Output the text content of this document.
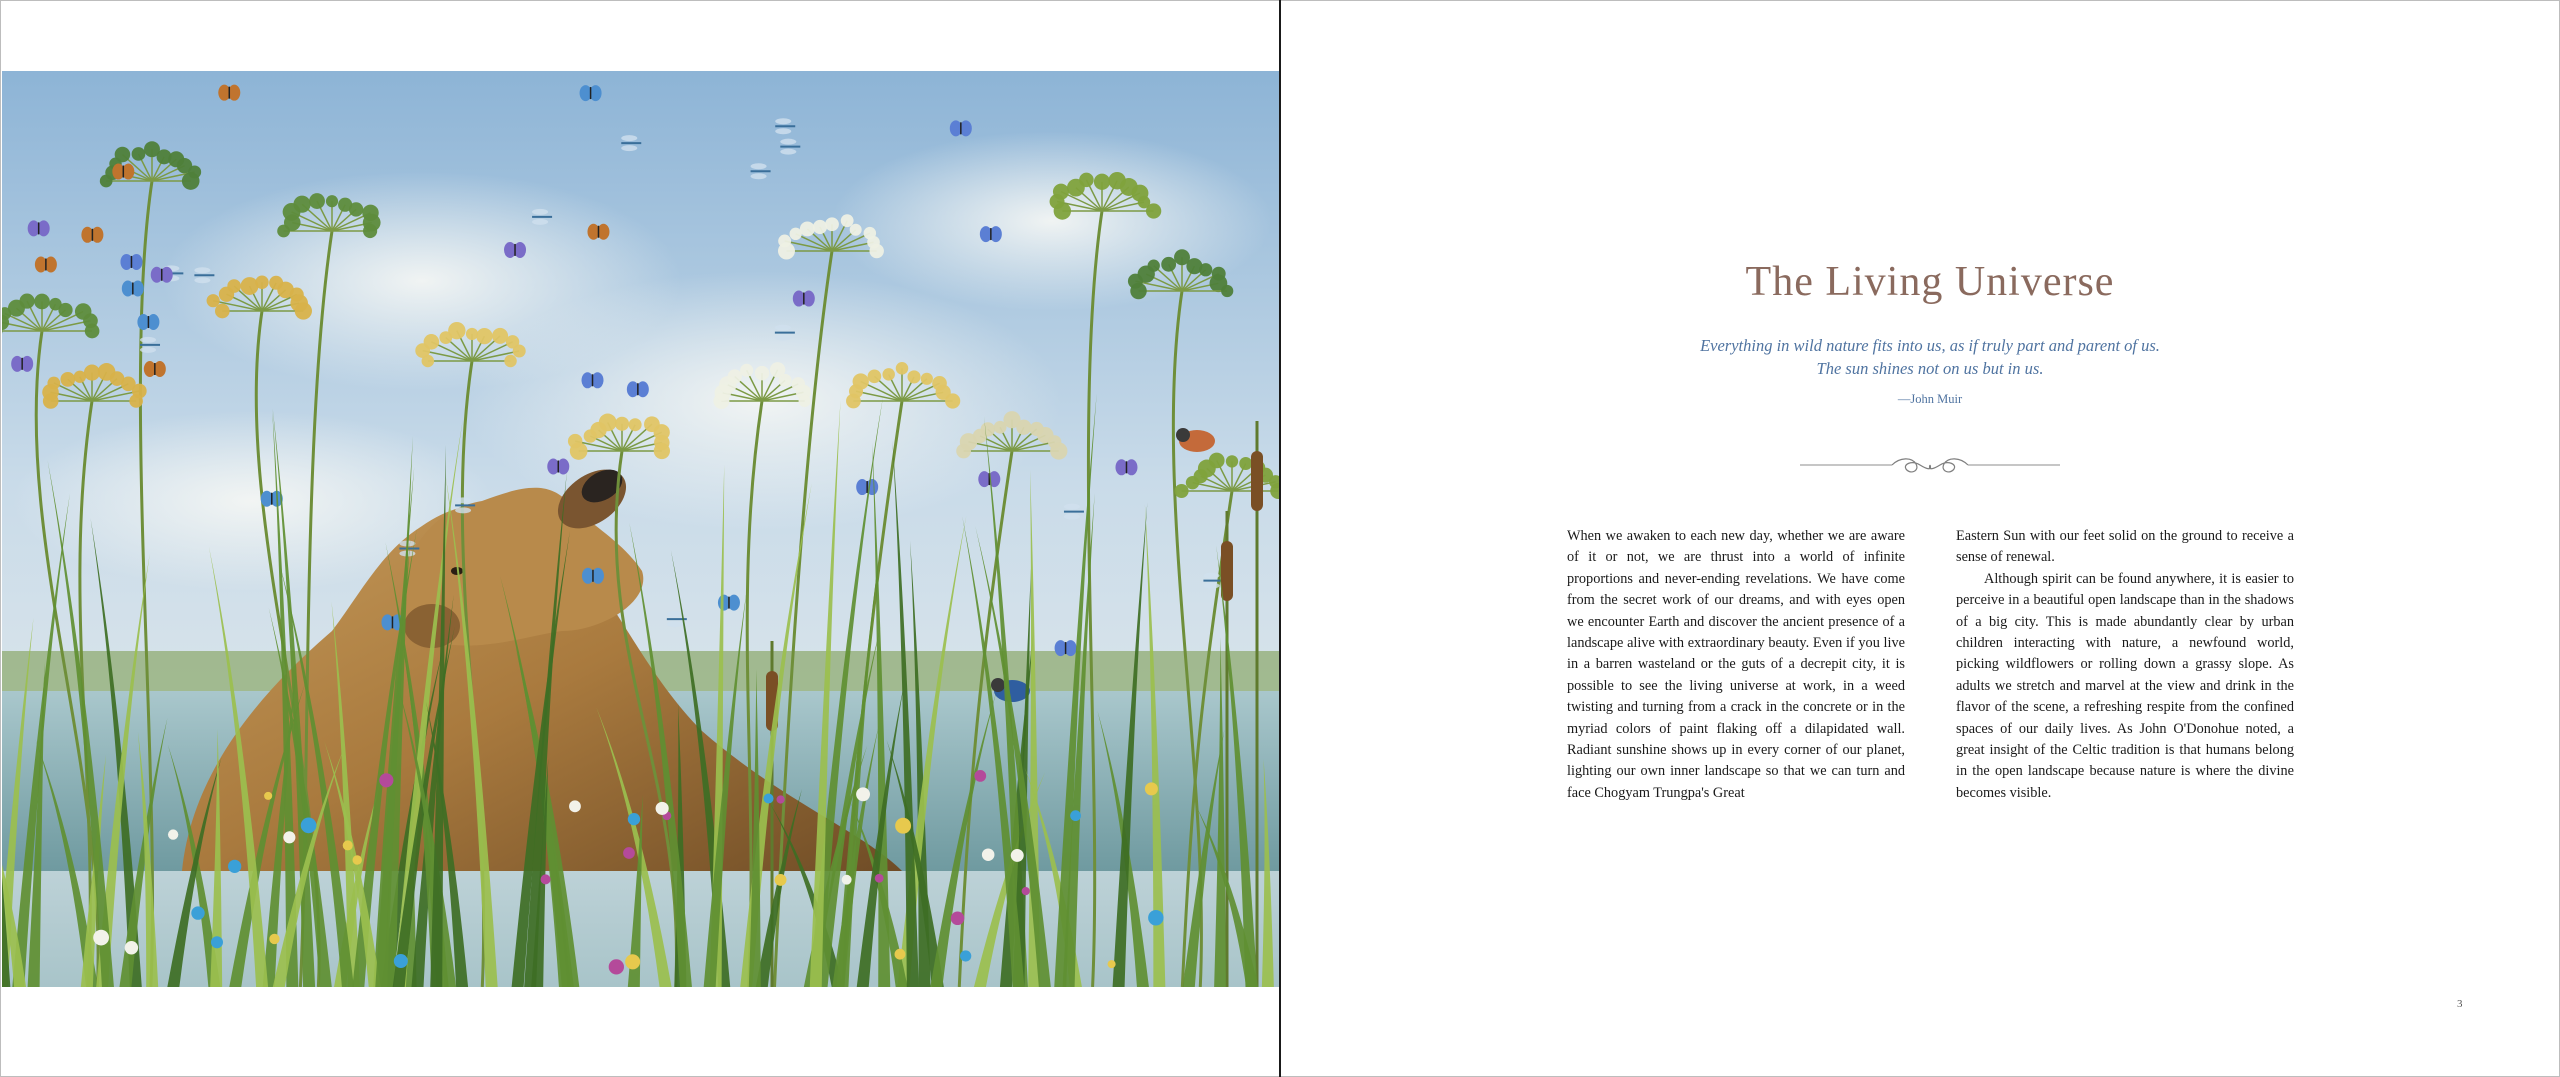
The Living Universe

Everything in wild nature fits into us, as if truly part and parent of us. The sun shines not on us but in us.

—John Muir

When we awaken to each new day, whether we are aware of it or not, we are thrust into a world of infinite proportions and never-ending revelations. We have come from the secret work of our dreams, and with eyes open we encounter Earth and discover the ancient presence of a landscape alive with extraordinary beauty. Even if you live in a barren wasteland or the guts of a decrepit city, it is possible to see the living universe at work, in a weed twisting and turning from a crack in the concrete or in the myriad colors of paint flaking off a dilapidated wall. Radiant sunshine shows up in every corner of our planet, lighting our own inner landscape so that we can turn and face Chogyam Trungpa's Great

Eastern Sun with our feet solid on the ground to receive a sense of renewal.

Although spirit can be found anywhere, it is easier to perceive in a beautiful open landscape than in the shadows of a big city. This is made abundantly clear by urban children interacting with nature, a newfound world, picking wildflowers or rolling down a grassy slope. As adults we stretch and marvel at the view and drink in the flavor of the scene, a refreshing respite from the confined spaces of our daily lives. As John O'Donohue noted, a great insight of the Celtic tradition is that humans belong in the open landscape because nature is where the divine becomes visible.

3
